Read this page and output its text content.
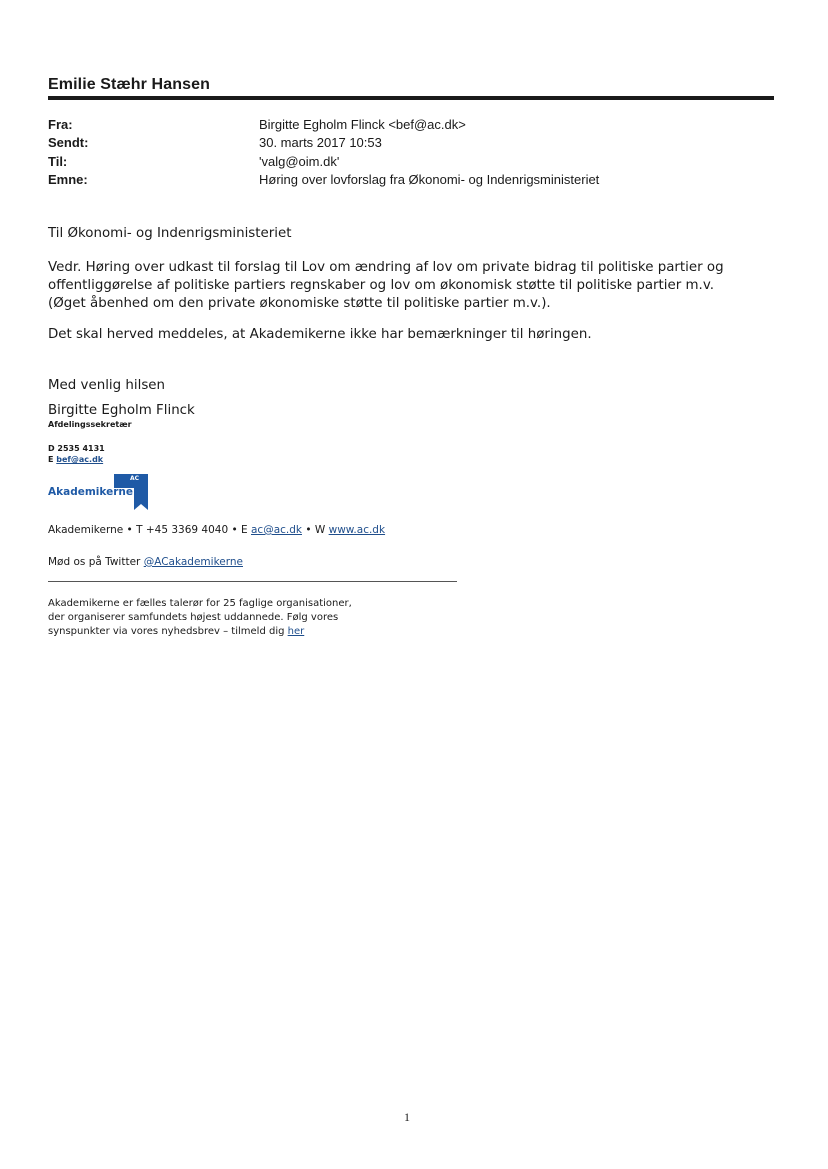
Emilie Stæhr Hansen
Fra:	Birgitte Egholm Flinck <bef@ac.dk>
Sendt:	30. marts 2017 10:53
Til:	'valg@oim.dk'
Emne:	Høring over lovforslag fra Økonomi- og Indenrigsministeriet
Til Økonomi- og Indenrigsministeriet
Vedr. Høring over udkast til forslag til Lov om ændring af lov om private bidrag til politiske partier og
offentliggørelse af politiske partiers regnskaber og lov om økonomisk støtte til politiske partier m.v.
(Øget åbenhed om den private økonomiske støtte til politiske partier m.v.).
Det skal herved meddeles, at Akademikerne ikke har bemærkninger til høringen.
Med venlig hilsen
Birgitte Egholm Flinck
Afdelingssekretær
D 2535 4131
E bef@ac.dk
AC
Akademikerne
Akademikerne • T +45 3369 4040 • E ac@ac.dk • W www.ac.dk
Mød os på Twitter @ACakademikerne
Akademikerne er fælles talerør for 25 faglige organisationer,
der organiserer samfundets højest uddannede. Følg vores
synspunkter via vores nyhedsbrev – tilmeld dig her
1
